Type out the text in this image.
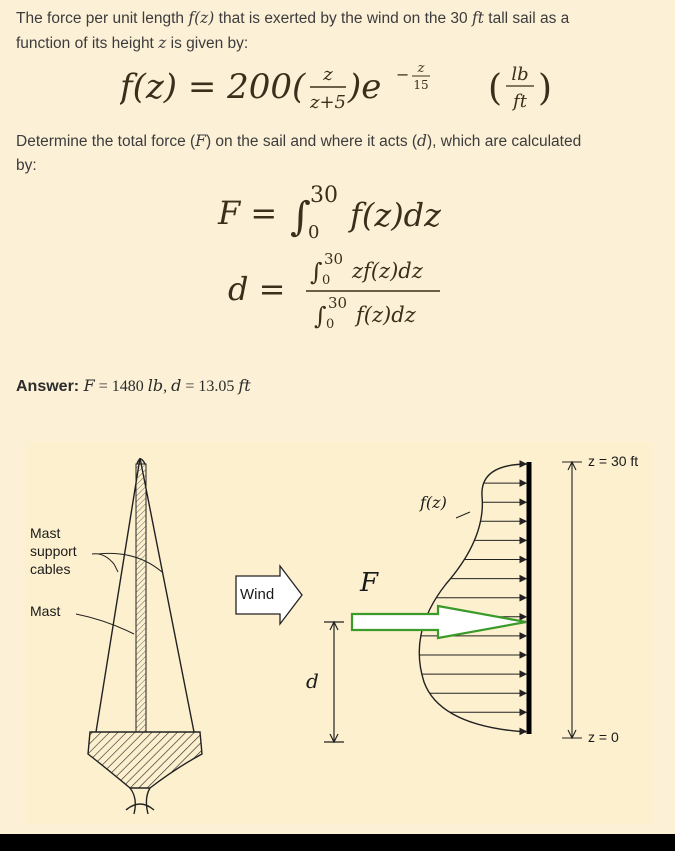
The force per unit length f(z) that is exerted by the wind on the 30 ft tall sail as a
function of its height z is given by:
f(z) = 200( z
z+5 )e − z
15 ( lb
ft )
Determine the total force (F) on the sail and where it acts (d), which are calculated
by:
F = ∫ 30
0 f(z)dz
d = ∫ 30
0 zf(z)dz
∫ 30
0 f(z)dz
Answer: F = 1480 lb, d = 13.05 ft
Mast
support
cables
Mast
Wind	F
f(z)
d
z = 30 ft
z = 0
